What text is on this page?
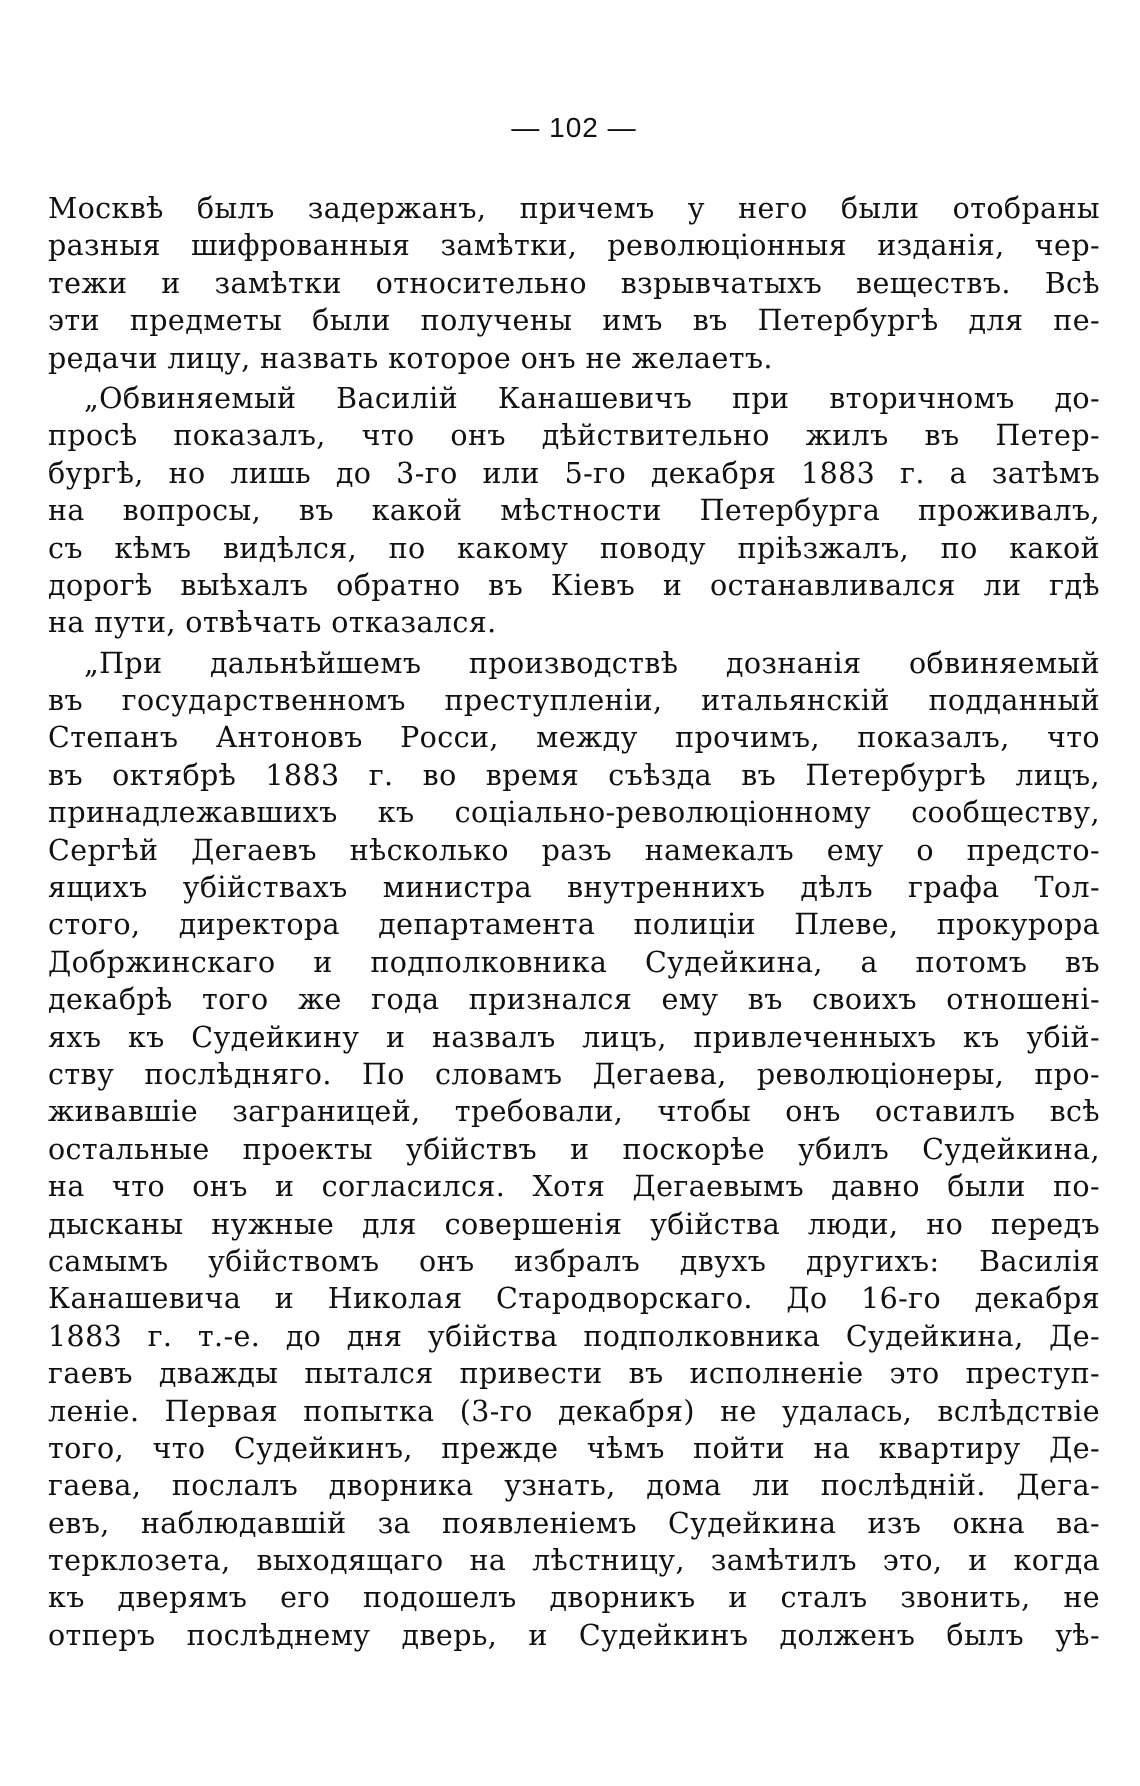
— 102 —
Москвѣ былъ задержанъ, причемъ у него были отобраны
разныя шифрованныя замѣтки, революціонныя изданія, чер-
тежи и замѣтки относительно взрывчатыхъ веществъ. Всѣ
эти предметы были получены имъ въ Петербургѣ для пе-
редачи лицу, назвать которое онъ не желаетъ.
„Обвиняемый Василій Канашевичъ при вторичномъ до-
просѣ показалъ, что онъ дѣйствительно жилъ въ Петер-
бургѣ, но лишь до 3-го или 5-го декабря 1883 г. а затѣмъ
на вопросы, въ какой мѣстности Петербурга проживалъ,
съ кѣмъ видѣлся, по какому поводу пріѣзжалъ, по какой
дорогѣ выѣхалъ обратно въ Кіевъ и останавливался ли гдѣ
на пути, отвѣчать отказался.
„При дальнѣйшемъ производствѣ дознанія обвиняемый
въ государственномъ преступленіи, итальянскій подданный
Степанъ Антоновъ Росси, между прочимъ, показалъ, что
въ октябрѣ 1883 г. во время съѣзда въ Петербургѣ лицъ,
принадлежавшихъ къ соціально-революціонному сообществу,
Сергѣй Дегаевъ нѣсколько разъ намекалъ ему о предсто-
ящихъ убійствахъ министра внутреннихъ дѣлъ графа Тол-
стого, директора департамента полиціи Плеве, прокурора
Добржинскаго и подполковника Судейкина, а потомъ въ
декабрѣ того же года признался ему въ своихъ отношені-
яхъ къ Судейкину и назвалъ лицъ, привлеченныхъ къ убій-
ству послѣдняго. По словамъ Дегаева, революціонеры, про-
живавшіе заграницей, требовали, чтобы онъ оставилъ всѣ
остальные проекты убійствъ и поскорѣе убилъ Судейкина,
на что онъ и согласился. Хотя Дегаевымъ давно были по-
дысканы нужные для совершенія убійства люди, но передъ
самымъ убійствомъ онъ избралъ двухъ другихъ: Василія
Канашевича и Николая Стародворскаго. До 16-го декабря
1883 г. т.-е. до дня убійства подполковника Судейкина, Де-
гаевъ дважды пытался привести въ исполненіе это преступ-
леніе. Первая попытка (3-го декабря) не удалась, вслѣдствіе
того, что Судейкинъ, прежде чѣмъ пойти на квартиру Де-
гаева, послалъ дворника узнать, дома ли послѣдній. Дега-
евъ, наблюдавшій за появленіемъ Судейкина изъ окна ва-
терклозета, выходящаго на лѣстницу, замѣтилъ это, и когда
къ дверямъ его подошелъ дворникъ и сталъ звонить, не
отперъ послѣднему дверь, и Судейкинъ долженъ былъ уѣ-
